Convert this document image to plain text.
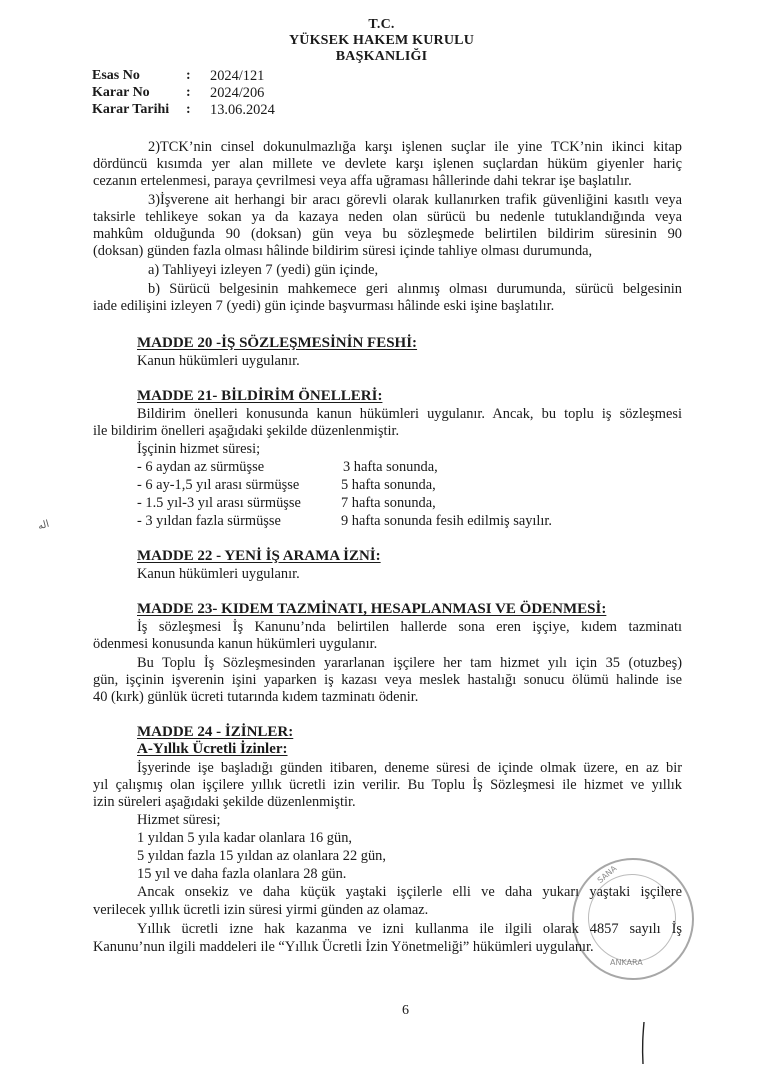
T.C.
YÜKSEK HAKEM KURULU
BAŞKANLIĞI
Esas No	: 2024/121
Karar No	: 2024/206
Karar Tarihi : 13.06.2024
2)TCK’nin cinsel dokunulmazlığa karşı işlenen suçlar ile yine TCK’nin ikinci kitap
dördüncü kısımda yer alan millete ve devlete karşı işlenen suçlardan hüküm giyenler hariç
cezanın ertelenmesi, paraya çevrilmesi veya affa uğraması hâllerinde dahi tekrar işe başlatılır.
3)İşverene ait herhangi bir aracı görevli olarak kullanırken trafik güvenliğini kasıtlı veya
taksirle tehlikeye sokan ya da kazaya neden olan sürücü bu nedenle tutuklandığında veya
mahkûm olduğunda 90 (doksan) gün veya bu sözleşmede belirtilen bildirim süresinin 90
(doksan) günden fazla olması hâlinde bildirim süresi içinde tahliye olması durumunda,
a) Tahliyeyi izleyen 7 (yedi) gün içinde,
b) Sürücü belgesinin mahkemece geri alınmış olması durumunda, sürücü belgesinin
iade edilişini izleyen 7 (yedi) gün içinde başvurması hâlinde eski işine başlatılır.
MADDE 20 -İŞ SÖZLEŞMESİNİN FESHİ:
Kanun hükümleri uygulanır.
MADDE 21- BİLDİRİM ÖNELLERİ:
Bildirim önelleri konusunda kanun hükümleri uygulanır. Ancak, bu toplu iş sözleşmesi
ile bildirim önelleri aşağıdaki şekilde düzenlenmiştir.
İşçinin hizmet süresi;
- 6 aydan az sürmüşse	3 hafta sonunda,
- 6 ay-1,5 yıl arası sürmüşse	5 hafta sonunda,
- 1.5 yıl-3 yıl arası sürmüşse	7 hafta sonunda,
- 3 yıldan fazla sürmüşse	9 hafta sonunda fesih edilmiş sayılır.
اله
MADDE 22 - YENİ İŞ ARAMA İZNİ:
Kanun hükümleri uygulanır.
MADDE 23- KIDEM TAZMİNATI, HESAPLANMASI VE ÖDENMESİ:
İş sözleşmesi İş Kanunu’nda belirtilen hallerde sona eren işçiye, kıdem tazminatı
ödenmesi konusunda kanun hükümleri uygulanır.
Bu Toplu İş Sözleşmesinden yararlanan işçilere her tam hizmet yılı için 35 (otuzbeş)
gün, işçinin işverenin işini yaparken iş kazası veya meslek hastalığı sonucu ölümü halinde ise
40 (kırk) günlük ücreti tutarında kıdem tazminatı ödenir.
MADDE 24 - İZİNLER:
A-Yıllık Ücretli İzinler:
İşyerinde işe başladığı günden itibaren, deneme süresi de içinde olmak üzere, en az bir
yıl çalışmış olan işçilere yıllık ücretli izin verilir. Bu Toplu İş Sözleşmesi ile hizmet ve yıllık
izin süreleri aşağıdaki şekilde düzenlenmiştir.
Hizmet süresi;
1 yıldan 5 yıla kadar olanlara 16 gün,
5 yıldan fazla 15 yıldan az olanlara 22 gün,
15 yıl ve daha fazla olanlara 28 gün.
Ancak onsekiz ve daha küçük yaştaki işçilerle elli ve daha yukarı yaştaki işçilere
verilecek yıllık ücretli izin süresi yirmi günden az olamaz.
Yıllık ücretli izne hak kazanma ve izni kullanma ile ilgili olarak 4857 sayılı İş
Kanunu’nun ilgili maddeleri ile “Yıllık Ücretli İzin Yönetmeliği” hükümleri uygulanır.
SANA
ANKARA
6
